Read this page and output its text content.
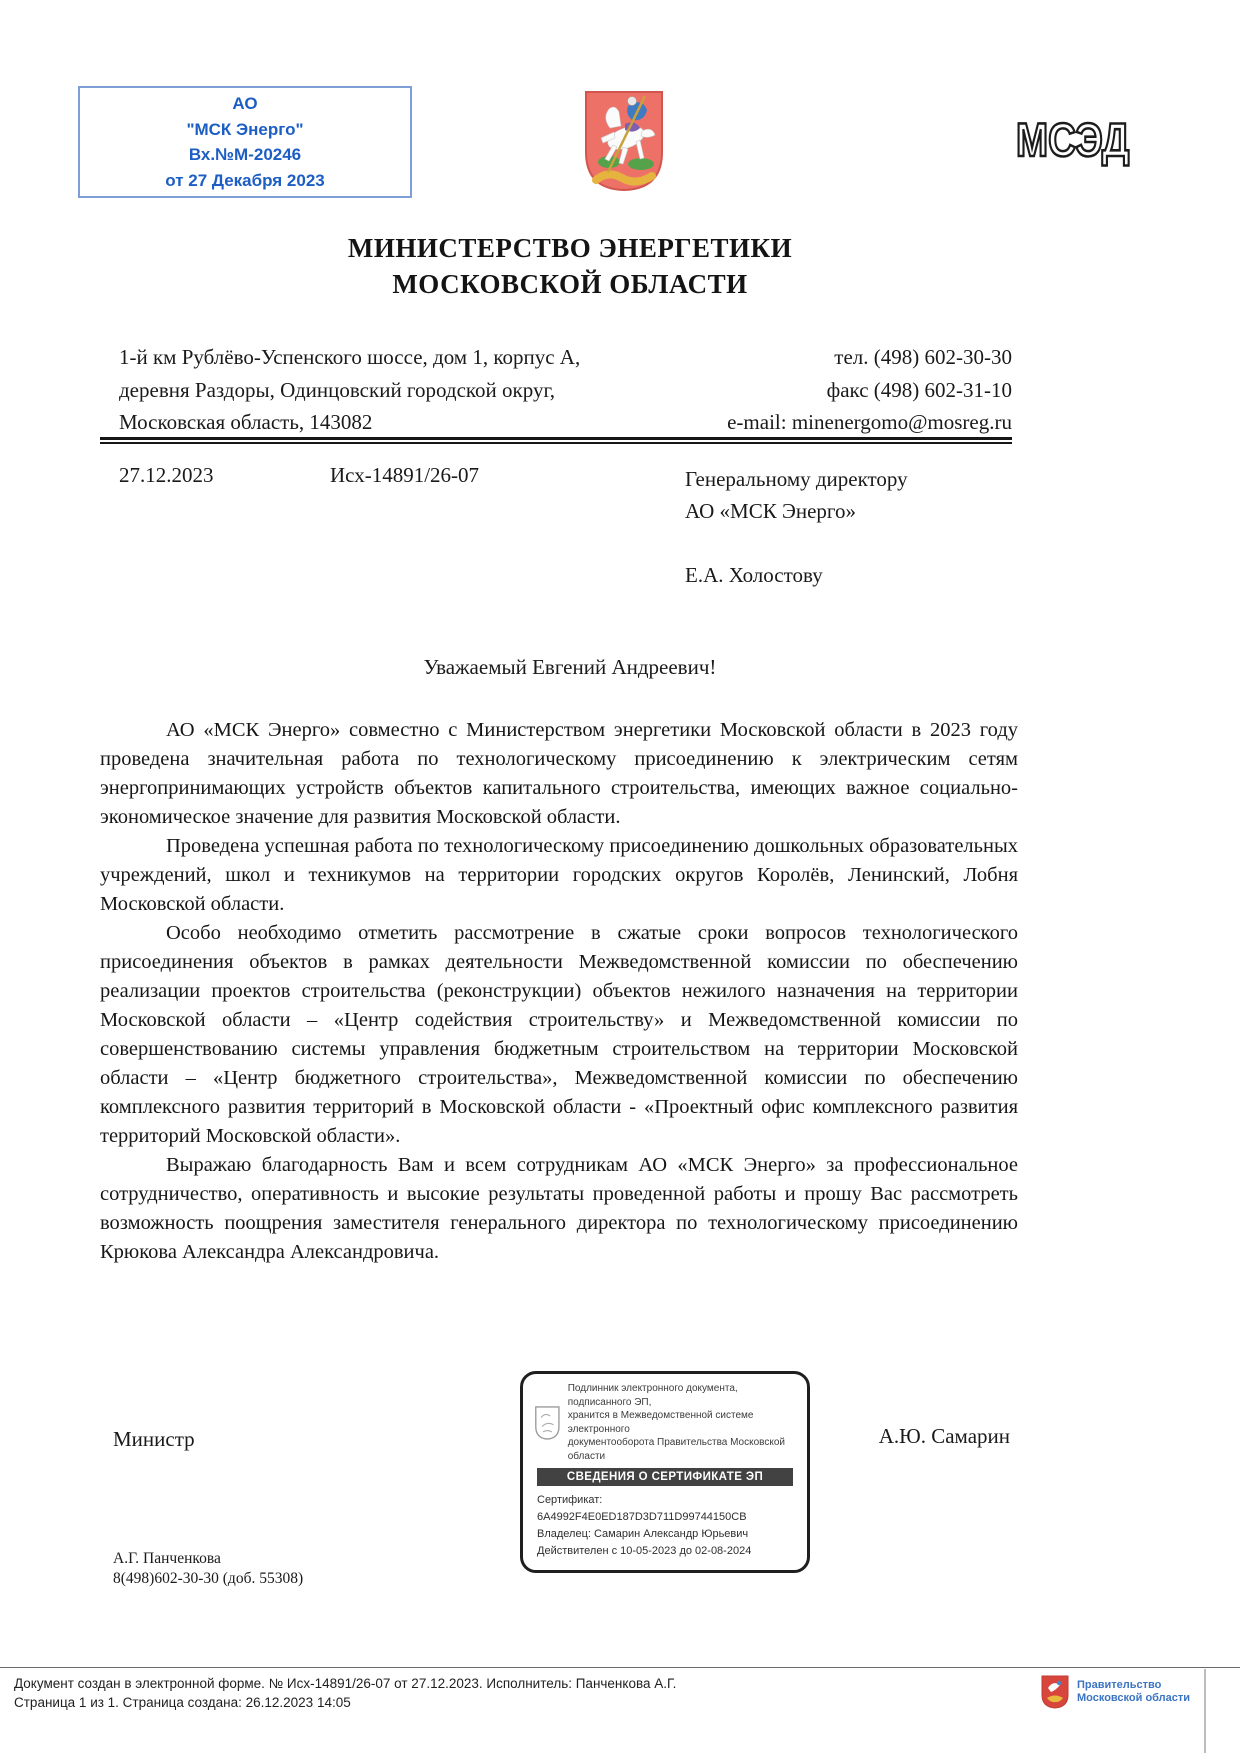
АО
"МСК Энерго"
Вх.№М-20246
от 27 Декабря 2023
МСЭД
МИНИСТЕРСТВО ЭНЕРГЕТИКИ
МОСКОВСКОЙ ОБЛАСТИ
1-й км Рублёво-Успенского шоссе, дом 1, корпус А,
деревня Раздоры, Одинцовский городской округ,
Московская область, 143082
тел. (498) 602-30-30
факс (498) 602-31-10
e-mail: minenergomo@mosreg.ru
27.12.2023	Исх-14891/26-07	Генеральному директору
АО «МСК Энерго»
Е.А. Холостову
Уважаемый Евгений Андреевич!

АО «МСК Энерго» совместно с Министерством энергетики Московской области в 2023 году проведена значительная работа по технологическому присоединению к электрическим сетям энергопринимающих устройств объектов капитального строительства, имеющих важное социально-экономическое значение для развития Московской области.

Проведена успешная работа по технологическому присоединению дошкольных образовательных учреждений, школ и техникумов на территории городских округов Королёв, Ленинский, Лобня Московской области.

Особо необходимо отметить рассмотрение в сжатые сроки вопросов технологического присоединения объектов в рамках деятельности Межведомственной комиссии по обеспечению реализации проектов строительства (реконструкции) объектов нежилого назначения на территории Московской области – «Центр содействия строительству» и Межведомственной комиссии по совершенствованию системы управления бюджетным строительством на территории Московской области – «Центр бюджетного строительства», Межведомственной комиссии по обеспечению комплексного развития территорий в Московской области - «Проектный офис комплексного развития территорий Московской области».

Выражаю благодарность Вам и всем сотрудникам АО «МСК Энерго» за профессиональное сотрудничество, оперативность и высокие результаты проведенной работы и прошу Вас рассмотреть возможность поощрения заместителя генерального директора по технологическому присоединению Крюкова Александра Александровича.

Министр	А.Ю. Самарин
Подлинник электронного документа, подписанного ЭП,
хранится в Межведомственной системе электронного
документооборота Правительства Московской области
СВЕДЕНИЯ О СЕРТИФИКАТЕ ЭП
Сертификат: 6A4992F4E0ED187D3D711D99744150CB
Владелец: Самарин Александр Юрьевич
Действителен с 10-05-2023 до 02-08-2024
А.Г. Панченкова
8(498)602-30-30 (доб. 55308)
Документ создан в электронной форме. № Исх-14891/26-07 от 27.12.2023. Исполнитель: Панченкова А.Г.
Страница 1 из 1. Страница создана: 26.12.2023 14:05
Правительство
Московской области
